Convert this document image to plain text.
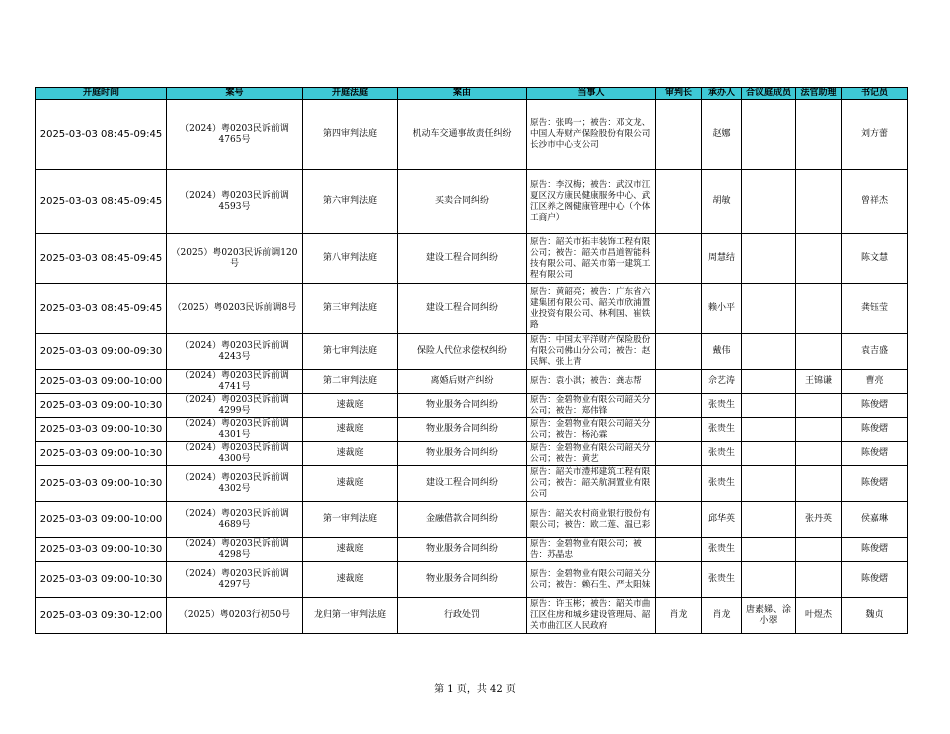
开庭时间	案号	开庭法庭	案由	当事人	审判长	承办人	合议庭成员	法官助理	书记员
2025-03-03 08:45-09:45	（2024）粤0203民诉前调4765号	第四审判法庭	机动车交通事故责任纠纷	原告：张鸣一；被告：邓文龙、中国人寿财产保险股份有限公司长沙市中心支公司		赵娜			刘方蕾
2025-03-03 08:45-09:45	（2024）粤0203民诉前调4593号	第六审判法庭	买卖合同纠纷	原告：李汉梅；被告：武汉市江夏区汉方康民健康服务中心、武江区养之阁健康管理中心（个体工商户）		胡敏			曾祥杰
2025-03-03 08:45-09:45	（2025）粤0203民诉前调120号	第八审判法庭	建设工程合同纠纷	原告：韶关市拓丰装饰工程有限公司；被告：韶关市昌道智能科技有限公司、韶关市第一建筑工程有限公司		周慧结			陈文慧
2025-03-03 08:45-09:45	（2025）粤0203民诉前调8号	第三审判法庭	建设工程合同纠纷	原告：黄韶亮；被告：广东省六建集团有限公司、韶关市欣浦置业投资有限公司、林利国、崔铁路		赖小平			龚钰莹
2025-03-03 09:00-09:30	（2024）粤0203民诉前调4243号	第七审判法庭	保险人代位求偿权纠纷	原告：中国太平洋财产保险股份有限公司佛山分公司；被告：赵民辉、张上青		戴伟			袁吉盛
2025-03-03 09:00-10:00	（2024）粤0203民诉前调4741号	第二审判法庭	离婚后财产纠纷	原告：袁小淇；被告：龚志帮		佘艺涛		王锦谦	曹亮
2025-03-03 09:00-10:30	（2024）粤0203民诉前调4299号	速裁庭	物业服务合同纠纷	原告：金碧物业有限公司韶关分公司；被告：郑伟锋		张贵生			陈俊熠
2025-03-03 09:00-10:30	（2024）粤0203民诉前调4301号	速裁庭	物业服务合同纠纷	原告：金碧物业有限公司韶关分公司；被告：杨沁霖		张贵生			陈俊熠
2025-03-03 09:00-10:30	（2024）粤0203民诉前调4300号	速裁庭	物业服务合同纠纷	原告：金碧物业有限公司韶关分公司；被告：黄艺		张贵生			陈俊熠
2025-03-03 09:00-10:30	（2024）粤0203民诉前调4302号	速裁庭	建设工程合同纠纷	原告：韶关市澧邦建筑工程有限公司；被告：韶关航洞置业有限公司		张贵生			陈俊熠
2025-03-03 09:00-10:00	（2024）粤0203民诉前调4689号	第一审判法庭	金融借款合同纠纷	原告：韶关农村商业银行股份有限公司；被告：欧二莲、温已彩		邱华英		张丹英	侯嘉琳
2025-03-03 09:00-10:30	（2024）粤0203民诉前调4298号	速裁庭	物业服务合同纠纷	原告：金碧物业有限公司；被告：苏晶忠		张贵生			陈俊熠
2025-03-03 09:00-10:30	（2024）粤0203民诉前调4297号	速裁庭	物业服务合同纠纷	原告：金碧物业有限公司韶关分公司；被告：赖石生、严太阳妹		张贵生			陈俊熠
2025-03-03 09:30-12:00	（2025）粤0203行初50号	龙归第一审判法庭	行政处罚	原告：许玉彬；被告：韶关市曲江区住房和城乡建设管理局、韶关市曲江区人民政府	肖龙	肖龙	唐素娣、涂小翠	叶煜杰	魏贞
第 1 页，共 42 页
